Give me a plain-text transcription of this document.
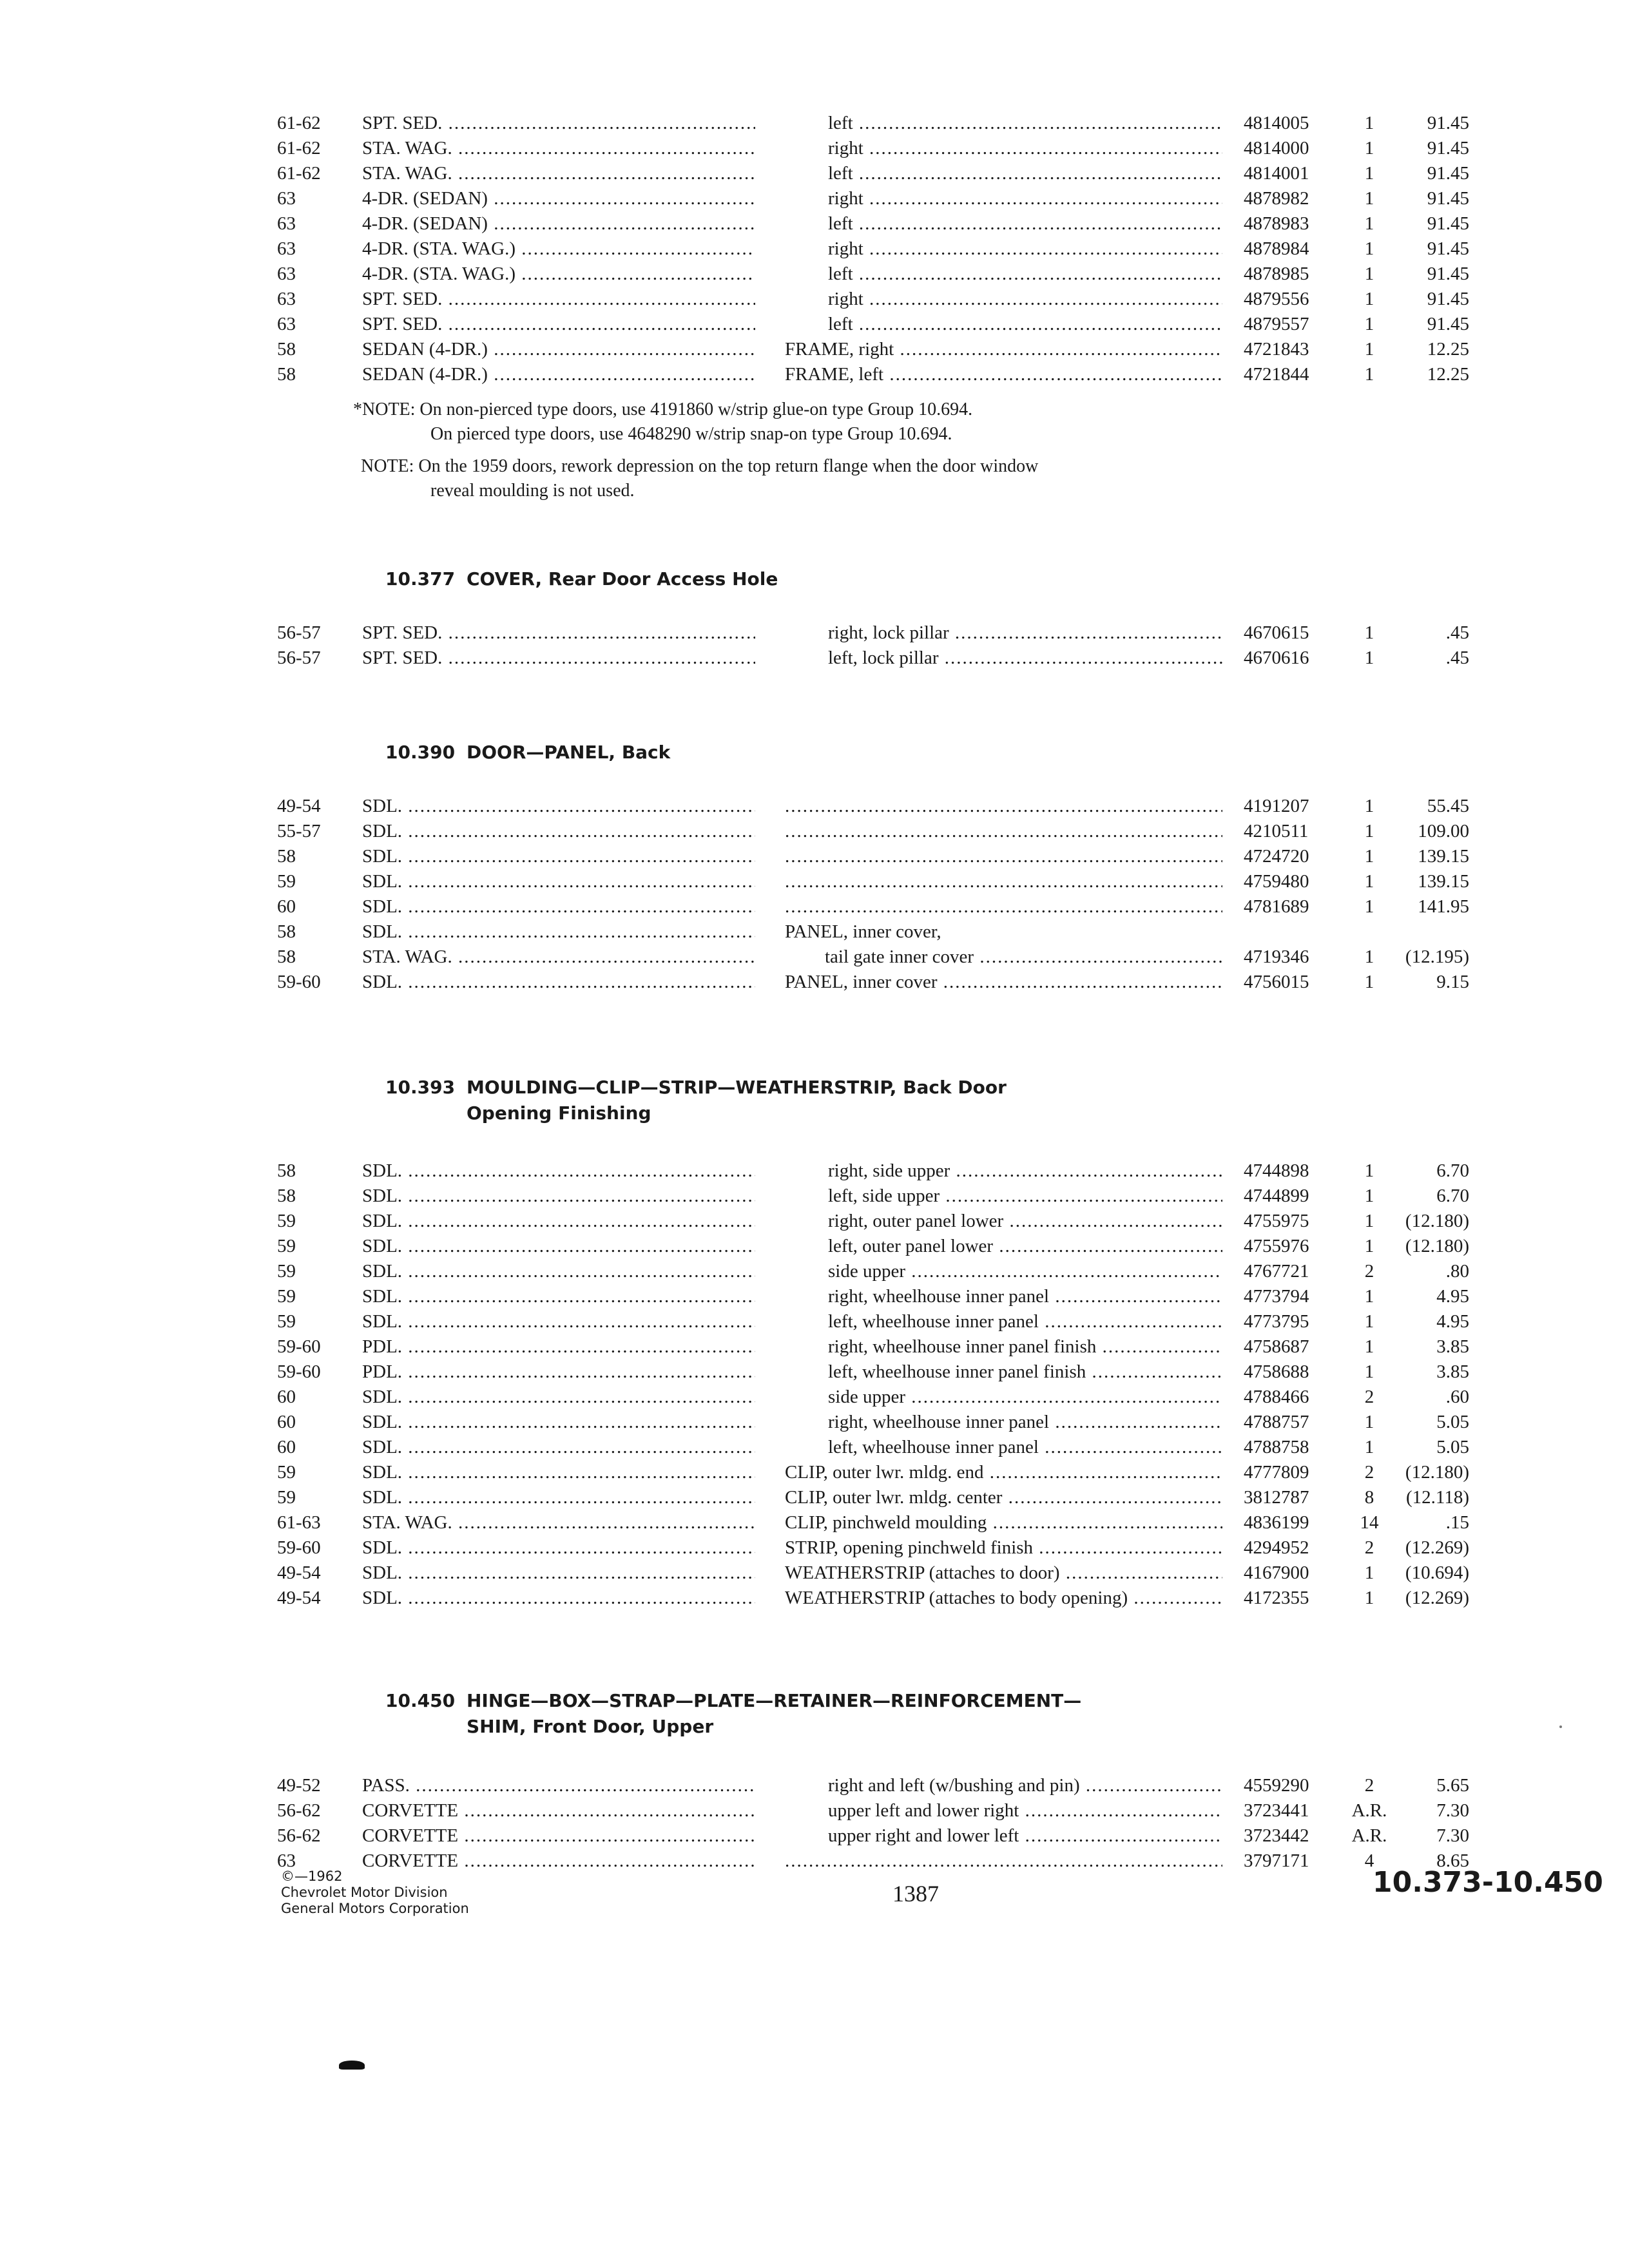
61-62 SPT. SED. .....	left .....	4814005	1	91.45
61-62 STA. WAG. .....	right .....	4814000	1	91.45
61-62 STA. WAG. .....	left .....	4814001	1	91.45
63	4-DR. (SEDAN) .....	right .....	4878982	1	91.45
63	4-DR. (SEDAN) .....	left .....	4878983	1	91.45
63	4-DR. (STA. WAG.) .....	right .....	4878984	1	91.45
63	4-DR. (STA. WAG.) .....	left .....	4878985	1	91.45
63	SPT. SED. .....	right .....	4879556	1	91.45
63	SPT. SED. .....	left .....	4879557	1	91.45
58	SEDAN (4-DR.) .....	FRAME, right .....	4721843	1	12.25
58	SEDAN (4-DR.) .....	FRAME, left .....	4721844	1	12.25
*NOTE: On non-pierced type doors, use 4191860 w/strip glue-on type Group 10.694.
On pierced type doors, use 4648290 w/strip snap-on type Group 10.694.
NOTE: On the 1959 doors, rework depression on the top return flange when the door window
reveal moulding is not used.
10.377 COVER, Rear Door Access Hole
56-57 SPT. SED. .....	right, lock pillar .....	4670615	1	.45
56-57 SPT. SED. .....	left, lock pillar .....	4670616	1	.45
10.390 DOOR—PANEL, Back
49-54 SDL. ..... .....	4191207	1	55.45
55-57 SDL. ..... .....	4210511	1	109.00
58	SDL. ..... .....	4724720	1	139.15
59	SDL. ..... .....	4759480	1	139.15
60	SDL. ..... .....	4781689	1	141.95
58	SDL. .....	PANEL, inner cover,
58	STA. WAG. .....	tail gate inner cover .....	4719346	1	(12.195)
59-60 SDL. .....	PANEL, inner cover .....	4756015	1	9.15
10.393 MOULDING—CLIP—STRIP—WEATHERSTRIP, Back Door
Opening Finishing
58	SDL. .....	right, side upper .....	4744898	1	6.70
58	SDL. .....	left, side upper .....	4744899	1	6.70
59	SDL. .....	right, outer panel lower .....	4755975	1	(12.180)
59	SDL. .....	left, outer panel lower .....	4755976	1	(12.180)
59	SDL. .....	side upper .....	4767721	2	.80
59	SDL. .....	right, wheelhouse inner panel .....	4773794	1	4.95
59	SDL. .....	left, wheelhouse inner panel .....	4773795	1	4.95
59-60 PDL. .....	right, wheelhouse inner panel finish .....	4758687	1	3.85
59-60 PDL. .....	left, wheelhouse inner panel finish .....	4758688	1	3.85
60	SDL. .....	side upper .....	4788466	2	.60
60	SDL. .....	right, wheelhouse inner panel .....	4788757	1	5.05
60	SDL. .....	left, wheelhouse inner panel .....	4788758	1	5.05
59	SDL. .....	CLIP, outer lwr. mldg. end .....	4777809	2	(12.180)
59	SDL. .....	CLIP, outer lwr. mldg. center .....	3812787	8	(12.118)
61-63 STA. WAG. .....	CLIP, pinchweld moulding .....	4836199	14	.15
59-60 SDL. .....	STRIP, opening pinchweld finish .....	4294952	2	(12.269)
49-54 SDL. .....	WEATHERSTRIP (attaches to door) .....	4167900	1	(10.694)
49-54 SDL. .....	WEATHERSTRIP (attaches to body opening) .....	4172355	1	(12.269)
10.450 HINGE—BOX—STRAP—PLATE—RETAINER—REINFORCEMENT—
SHIM, Front Door, Upper
49-52 PASS. .....	right and left (w/bushing and pin) .....	4559290	2	5.65
56-62 CORVETTE .....	upper left and lower right .....	3723441	A.R.	7.30
56-62 CORVETTE .....	upper right and lower left .....	3723442	A.R.	7.30
63	CORVETTE ..... .....	3797171	4	8.65
©—1962
Chevrolet Motor Division
General Motors Corporation
1387	10.373-10.450
